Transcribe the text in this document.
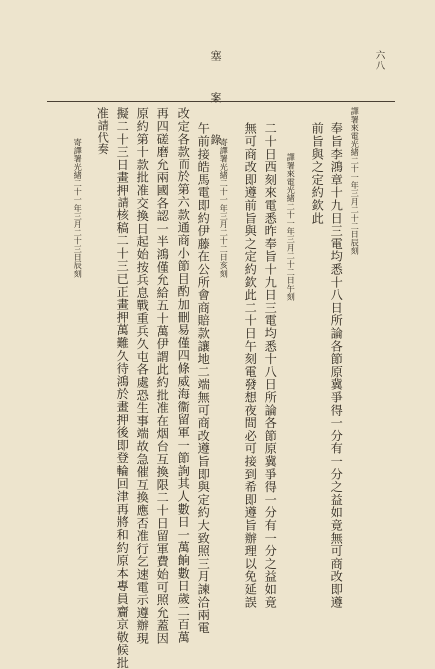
塞 案 錄	六八
譯署來電光緒二十一年三月二十二日辰刻
奉旨李鴻章十九日三電均悉十八日所論各節原冀爭得一分有一分之益如竟無可商改即遵
前旨與之定約欽此
譯署來電光緒二十一年三月二十二日午刻
二十日西刻來電悉昨奉旨十九日三電均悉十八日所論各節原冀爭得一分有一分之益如竟
無可商改即遵前旨與之定約欽此二十日午刻電發想夜間必可接到希即遵旨辦理以免延誤
寄譯署光緒二十一年三月二十二日亥刻
午前接皓馬電即約伊藤在公所會商賠款讓地二端無可商改遵旨即與定約大致照三月諫洽兩電
改定各款而於第六款通商小節目酌加刪易僅四條威海衞留軍一節詢其人數日一萬餉數日歲二百萬
再四磋磨允兩國各認一半鴻僅允給五十萬伊謂此約批准在烟台互換限二十日留軍費始可照允蓋因
原約第十款批准交換日起始按兵息戰重兵久屯各處恐生事端故急催互換應否准行乞速電示遵辦現
擬二十三日畫押請核稿二十三已正畫押萬難久待鴻於畫押後即登輪回津再將和約原本專員齎京敬候批
准請代奏
寄譯署光緒二十一年三月二十三日辰刻
